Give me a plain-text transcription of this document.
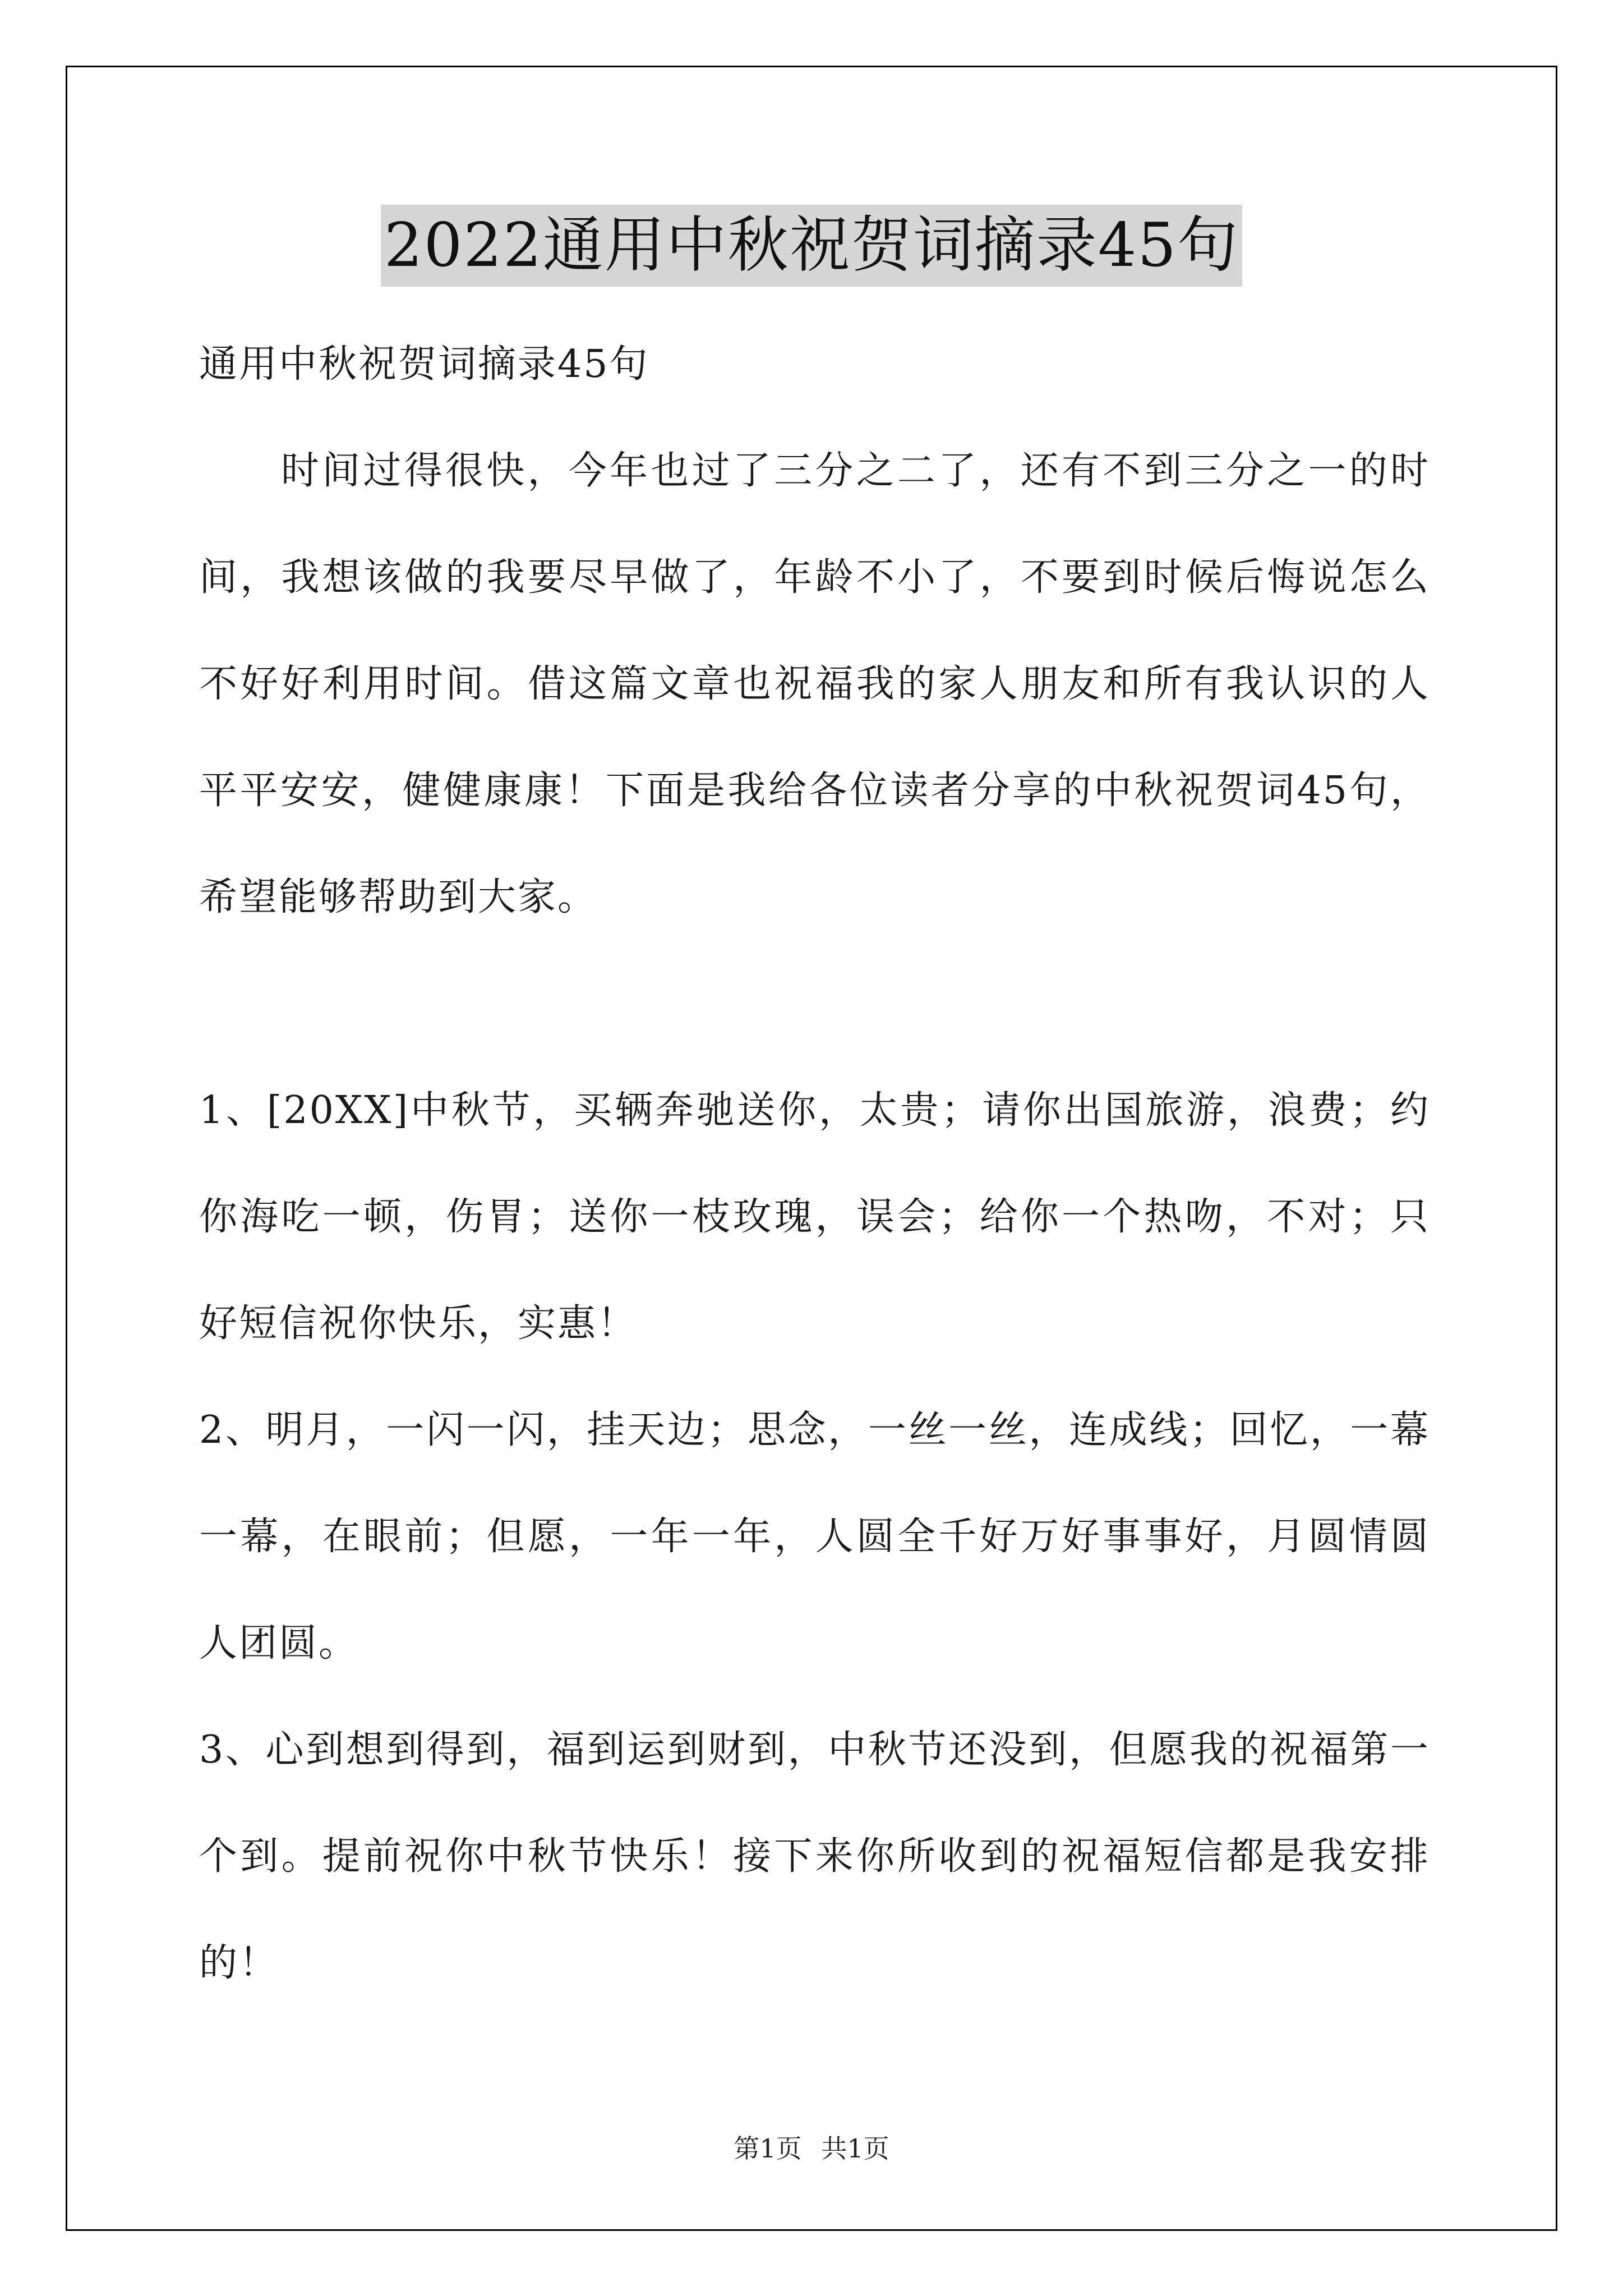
2022通用中秋祝贺词摘录45句

通用中秋祝贺词摘录45句

时间过得很快，今年也过了三分之二了，还有不到三分之一的时间，我想该做的我要尽早做了，年龄不小了，不要到时候后悔说怎么不好好利用时间。借这篇文章也祝福我的家人朋友和所有我认识的人平平安安，健健康康！下面是我给各位读者分享的中秋祝贺词45句，希望能够帮助到大家。

1、[20XX]中秋节，买辆奔驰送你，太贵；请你出国旅游，浪费；约你海吃一顿，伤胃；送你一枝玫瑰，误会；给你一个热吻，不对；只好短信祝你快乐，实惠！

2、明月，一闪一闪，挂天边；思念，一丝一丝，连成线；回忆，一幕一幕，在眼前；但愿，一年一年，人圆全千好万好事事好，月圆情圆人团圆。

3、心到想到得到，福到运到财到，中秋节还没到，但愿我的祝福第一个到。提前祝你中秋节快乐！接下来你所收到的祝福短信都是我安排的！

第1页 共1页
